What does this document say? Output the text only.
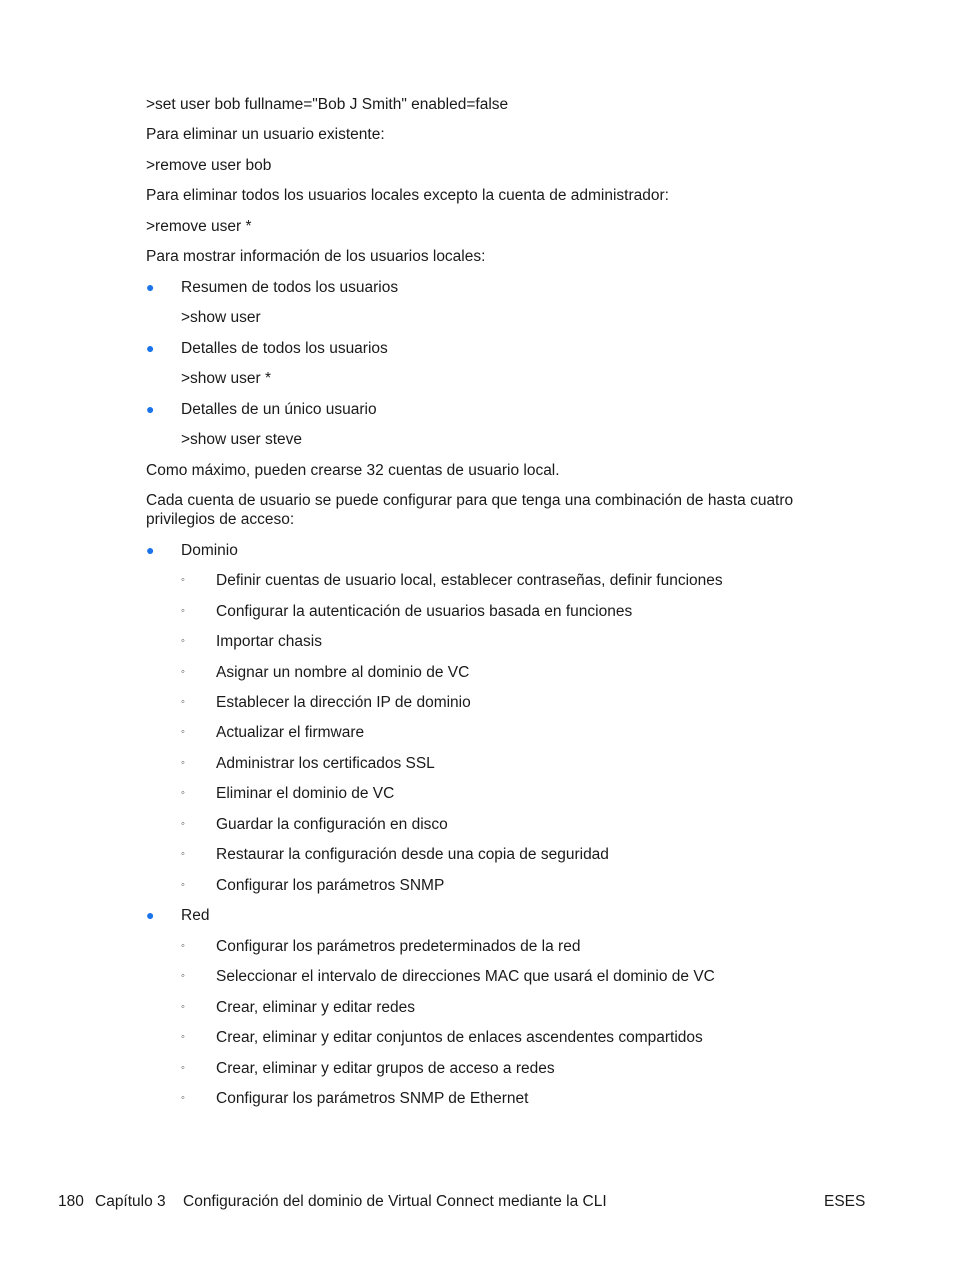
>set user bob fullname="Bob J Smith" enabled=false
Para eliminar un usuario existente:
>remove user bob
Para eliminar todos los usuarios locales excepto la cuenta de administrador:
>remove user *
Para mostrar información de los usuarios locales:
● Resumen de todos los usuarios
>show user
● Detalles de todos los usuarios
>show user *
● Detalles de un único usuario
>show user steve
Como máximo, pueden crearse 32 cuentas de usuario local.
Cada cuenta de usuario se puede configurar para que tenga una combinación de hasta cuatro privilegios de acceso:
● Dominio
◦ Definir cuentas de usuario local, establecer contraseñas, definir funciones
◦ Configurar la autenticación de usuarios basada en funciones
◦ Importar chasis
◦ Asignar un nombre al dominio de VC
◦ Establecer la dirección IP de dominio
◦ Actualizar el firmware
◦ Administrar los certificados SSL
◦ Eliminar el dominio de VC
◦ Guardar la configuración en disco
◦ Restaurar la configuración desde una copia de seguridad
◦ Configurar los parámetros SNMP
● Red
◦ Configurar los parámetros predeterminados de la red
◦ Seleccionar el intervalo de direcciones MAC que usará el dominio de VC
◦ Crear, eliminar y editar redes
◦ Crear, eliminar y editar conjuntos de enlaces ascendentes compartidos
◦ Crear, eliminar y editar grupos de acceso a redes
◦ Configurar los parámetros SNMP de Ethernet
180 Capítulo 3 Configuración del dominio de Virtual Connect mediante la CLI	ESES
